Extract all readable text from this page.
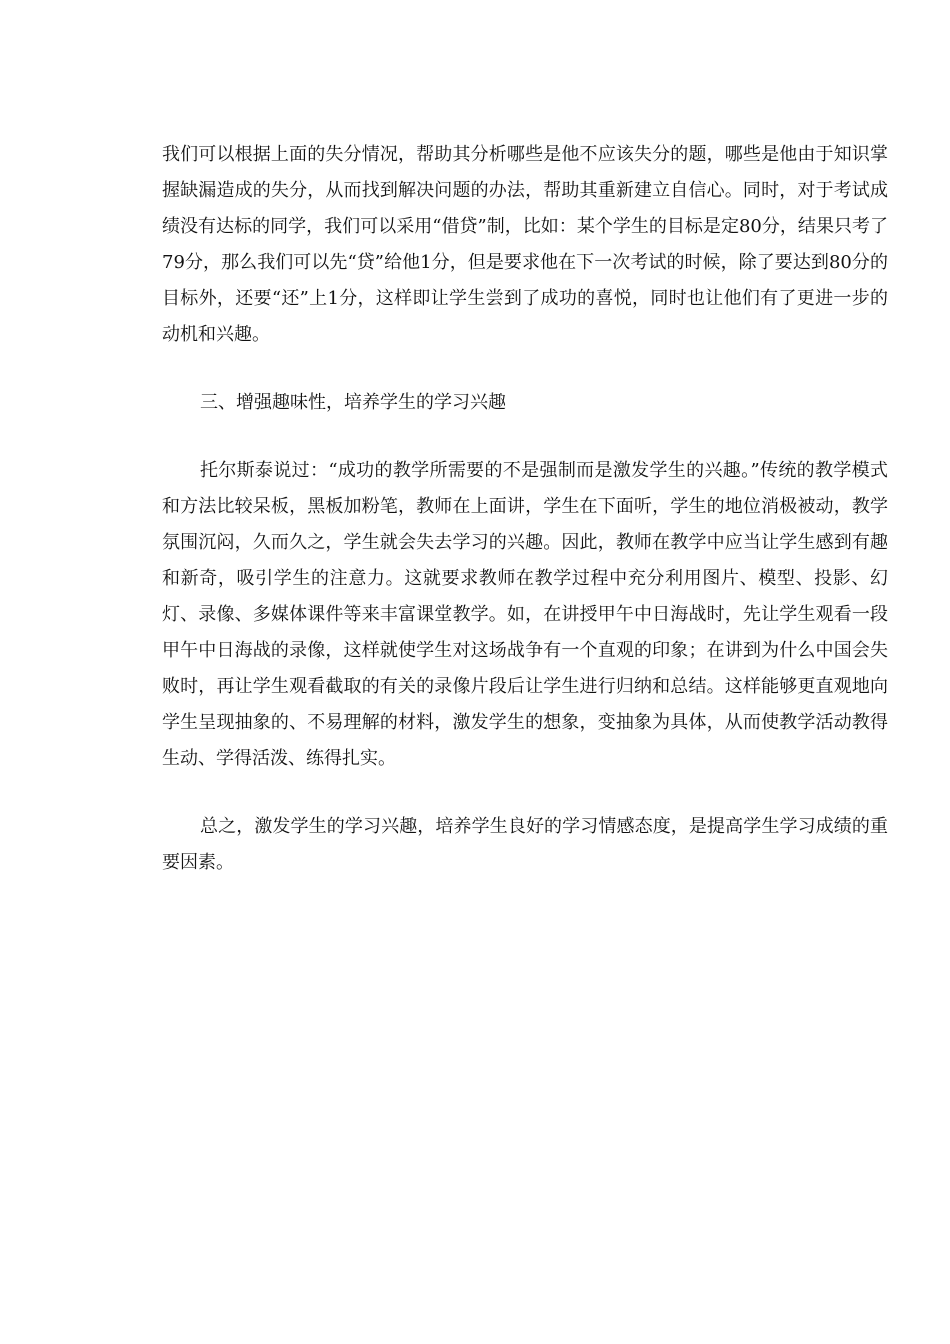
我们可以根据上面的失分情况，帮助其分析哪些是他不应该失分的题，哪些是他由于知识掌握缺漏造成的失分，从而找到解决问题的办法，帮助其重新建立自信心。同时，对于考试成绩没有达标的同学，我们可以采用“借贷”制，比如：某个学生的目标是定80分，结果只考了79分，那么我们可以先“贷”给他1分，但是要求他在下一次考试的时候，除了要达到80分的目标外，还要“还”上1分，这样即让学生尝到了成功的喜悦，同时也让他们有了更进一步的动机和兴趣。

三、增强趣味性，培养学生的学习兴趣

托尔斯泰说过：“成功的教学所需要的不是强制而是激发学生的兴趣。”传统的教学模式和方法比较呆板，黑板加粉笔，教师在上面讲，学生在下面听，学生的地位消极被动，教学氛围沉闷，久而久之，学生就会失去学习的兴趣。因此，教师在教学中应当让学生感到有趣和新奇，吸引学生的注意力。这就要求教师在教学过程中充分利用图片、模型、投影、幻灯、录像、多媒体课件等来丰富课堂教学。如，在讲授甲午中日海战时，先让学生观看一段甲午中日海战的录像，这样就使学生对这场战争有一个直观的印象；在讲到为什么中国会失败时，再让学生观看截取的有关的录像片段后让学生进行归纳和总结。这样能够更直观地向学生呈现抽象的、不易理解的材料，激发学生的想象，变抽象为具体，从而使教学活动教得生动、学得活泼、练得扎实。

总之，激发学生的学习兴趣，培养学生良好的学习情感态度，是提高学生学习成绩的重要因素。
